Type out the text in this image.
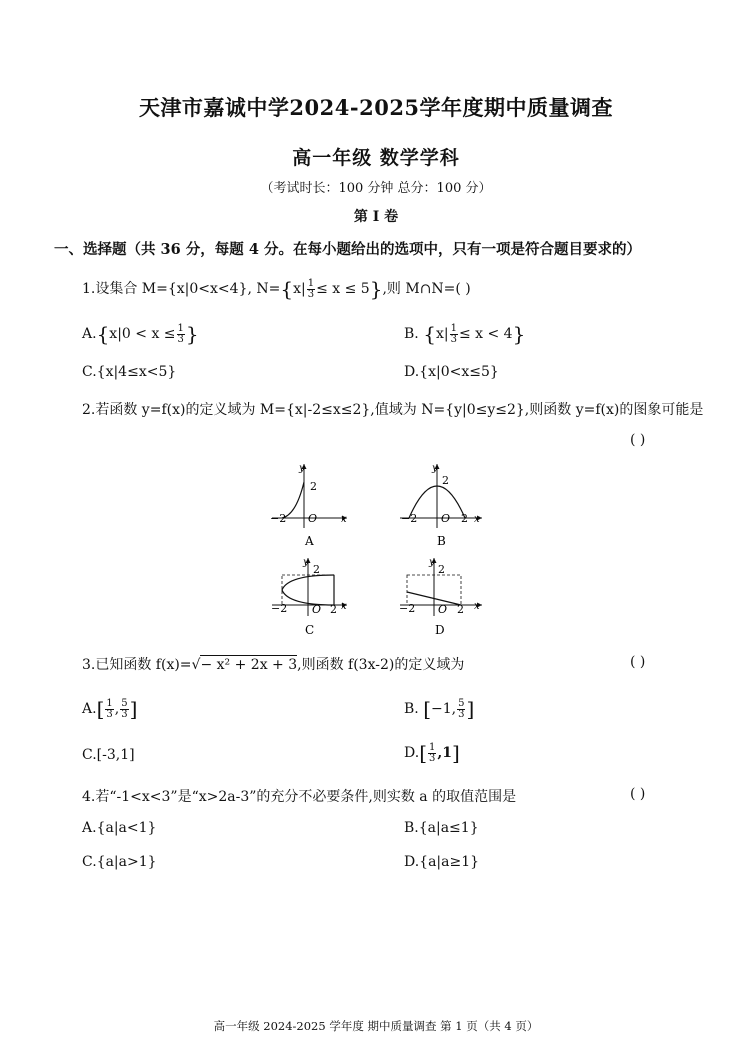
天津市嘉诚中学2024-2025学年度期中质量调查
高一年级 数学学科
（考试时长：100 分钟 总分：100 分）
第 I 卷
一、选择题（共 36 分，每题 4 分。在每小题给出的选项中，只有一项是符合题目要求的）
1.设集合 M={x|0<x<4}, $N=\{x| \frac{1}{3} \le x \le 5\}$,则 M∩N=( )
$A.\{x|0 < x \le \frac{1}{3}$ }	B. $\{x| \frac{1}{3} \le x < 4\}$
C.{x|4≤x<5}	D.{x|0<x≤5}
2.若函数 y=f(x)的定义域为 M={x|-2≤x≤2},值域为 N={y|0≤y≤2},则函数 y=f(x)的图象可能是
( )
y
2
−2 O x
A
y
2
−2 O 2 x
B
y
2
−2 O 2 x
C
y
2
−2 O 2 x
D
3.已知函数 f(x)=√− x² + 2x + 3,则函数 f(3x-2)的定义域为	( )
$A.[ \frac{1}{3}$ , $\frac{5}{3}$ ]	B. [−1, $\frac{5}{3}$ ]
C.[-3,1]	$D.[ \frac{1}{3} ,1]$
4.若“-1<x<3”是“x>2a-3”的充分不必要条件,则实数 a 的取值范围是	( )
A.{a|a<1}	B.{a|a≤1}
C.{a|a>1}	D.{a|a≥1}
高一年级 2024-2025 学年度 期中质量调查 第 1 页（共 4 页）
